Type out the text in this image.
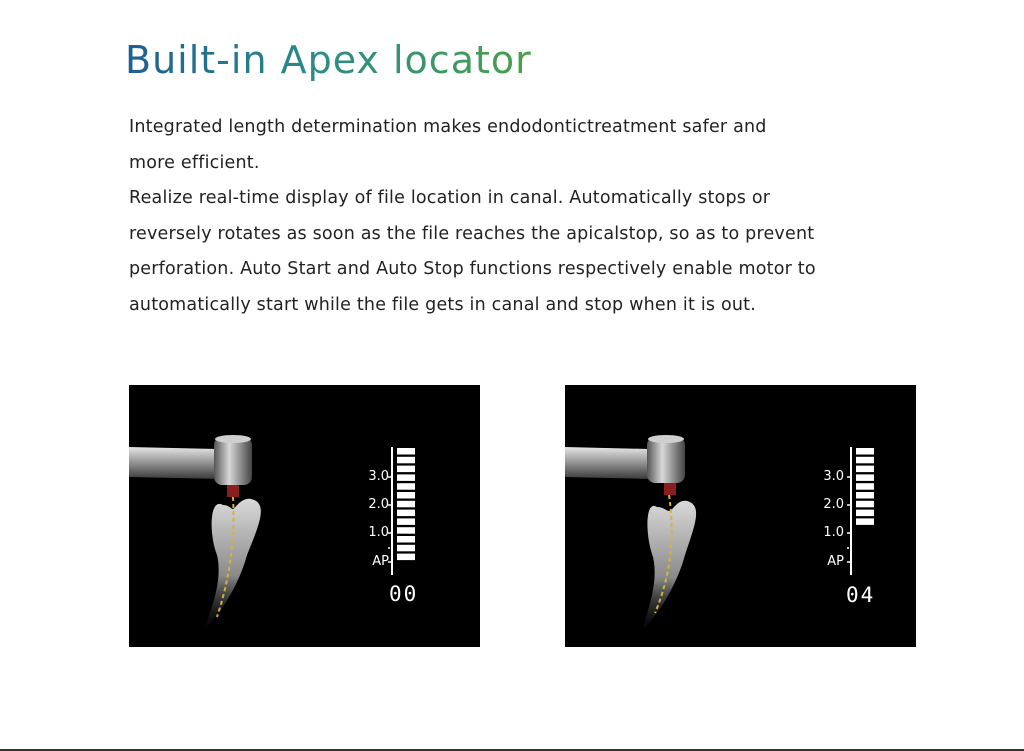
Built-in Apex locator
Integrated length determination makes endodontictreatment safer and
more efficient.
Realize real-time display of file location in canal. Automatically stops or
reversely rotates as soon as the file reaches the apicalstop, so as to prevent
perforation. Auto Start and Auto Stop functions respectively enable motor to
automatically start while the file gets in canal and stop when it is out.
3.0
2.0
1.0
AP
00
3.0
2.0
1.0
AP
04
